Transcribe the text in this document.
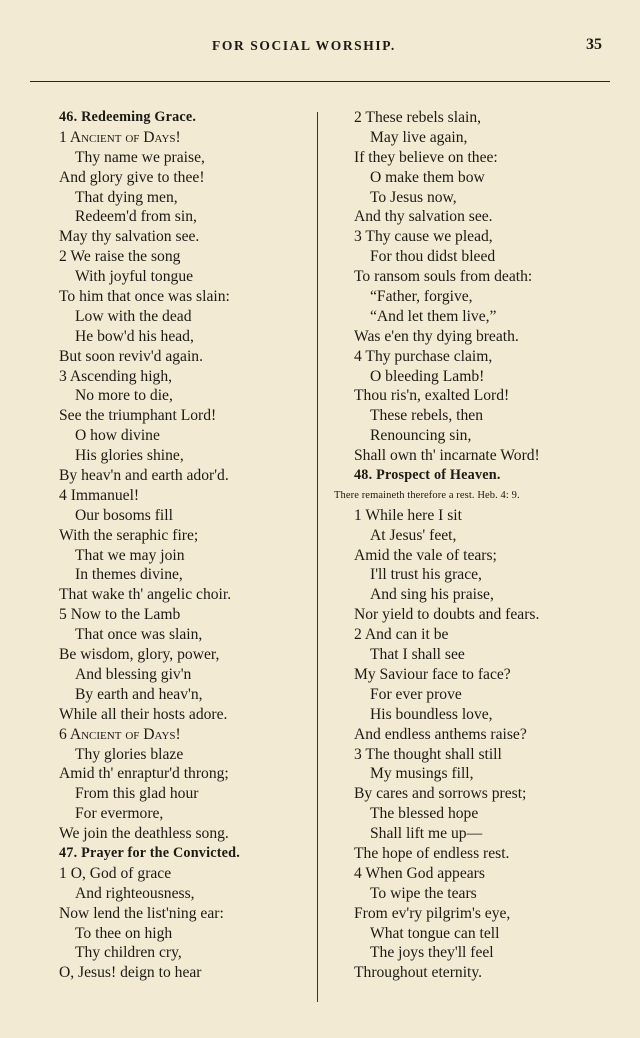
FOR SOCIAL WORSHIP.	35
46. Redeeming Grace.
1 Ancient of Days!
Thy name we praise,
And glory give to thee!
That dying men,
Redeem'd from sin,
May thy salvation see.
2 We raise the song
With joyful tongue
To him that once was slain:
Low with the dead
He bow'd his head,
But soon reviv'd again.
3 Ascending high,
No more to die,
See the triumphant Lord!
O how divine
His glories shine,
By heav'n and earth ador'd.
4 Immanuel!
Our bosoms fill
With the seraphic fire;
That we may join
In themes divine,
That wake th' angelic choir.
5 Now to the Lamb
That once was slain,
Be wisdom, glory, power,
And blessing giv'n
By earth and heav'n,
While all their hosts adore.
6 Ancient of Days!
Thy glories blaze
Amid th' enraptur'd throng;
From this glad hour
For evermore,
We join the deathless song.
47. Prayer for the Convicted.
1 O, God of grace
And righteousness,
Now lend the list'ning ear:
To thee on high
Thy children cry,
O, Jesus! deign to hear
2 These rebels slain,
May live again,
If they believe on thee:
O make them bow
To Jesus now,
And thy salvation see.
3 Thy cause we plead,
For thou didst bleed
To ransom souls from death:
“Father, forgive,
“And let them live,”
Was e'en thy dying breath.
4 Thy purchase claim,
O bleeding Lamb!
Thou ris'n, exalted Lord!
These rebels, then
Renouncing sin,
Shall own th' incarnate Word!
48. Prospect of Heaven.
There remaineth therefore a rest. Heb. 4: 9.
1 While here I sit
At Jesus' feet,
Amid the vale of tears;
I'll trust his grace,
And sing his praise,
Nor yield to doubts and fears.
2 And can it be
That I shall see
My Saviour face to face?
For ever prove
His boundless love,
And endless anthems raise?
3 The thought shall still
My musings fill,
By cares and sorrows prest;
The blessed hope
Shall lift me up—
The hope of endless rest.
4 When God appears
To wipe the tears
From ev'ry pilgrim's eye,
What tongue can tell
The joys they'll feel
Throughout eternity.
